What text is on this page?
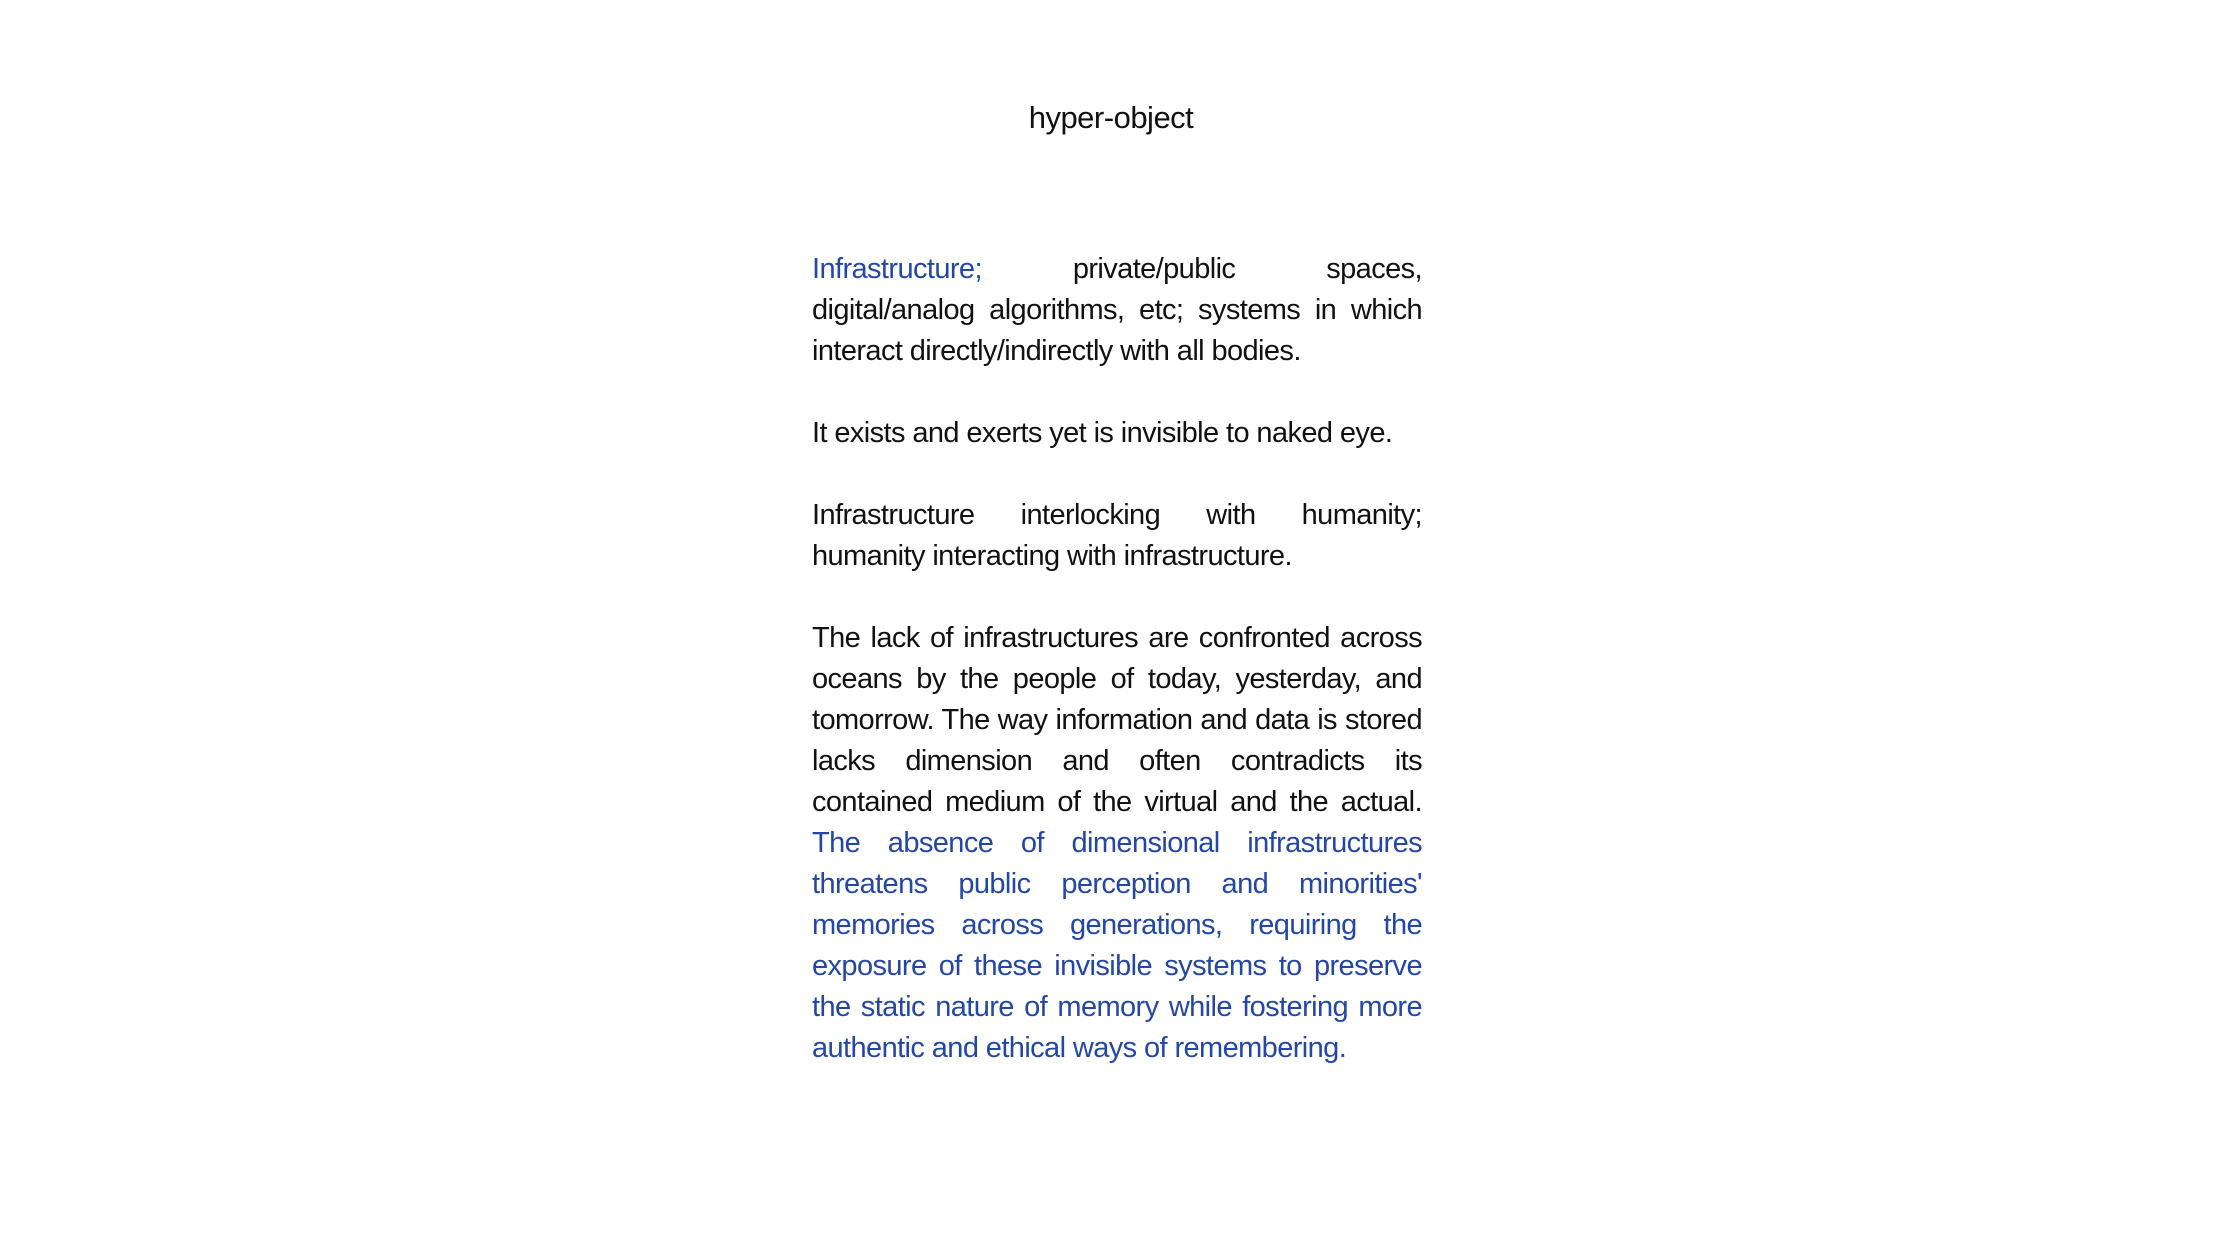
hyper-object

Infrastructure; private/public spaces, digital/analog algorithms, etc; systems in which interact directly/indirectly with all bodies.

It exists and exerts yet is invisible to naked eye.

Infrastructure interlocking with humanity; humanity interacting with infrastructure.

The lack of infrastructures are confronted across oceans by the people of today, yesterday, and tomorrow. The way information and data is stored lacks dimension and often contradicts its contained medium of the virtual and the actual. The absence of dimensional infrastructures threatens public perception and minorities' memories across generations, requiring the exposure of these invisible systems to preserve the static nature of memory while fostering more authentic and ethical ways of remembering.
